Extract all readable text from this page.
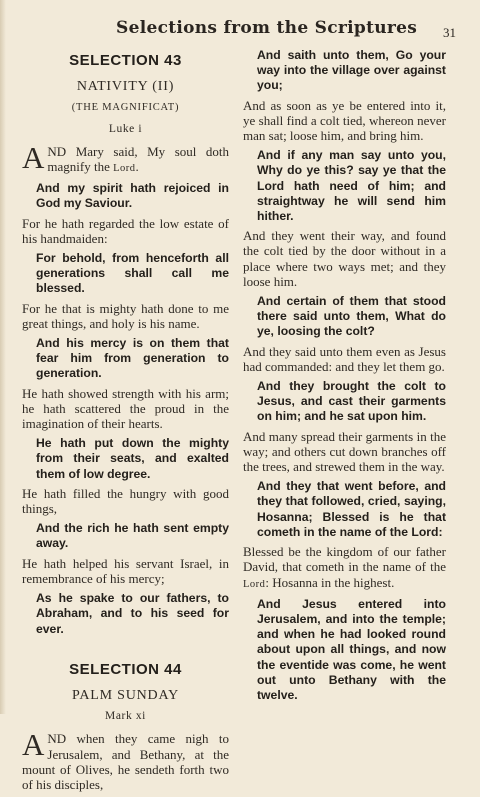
Selections from the Scriptures 31
SELECTION 43
NATIVITY (II)
(THE MAGNIFICAT)
Luke i

AND Mary said, My soul doth magnify the Lord.

And my spirit hath rejoiced in God my Saviour.

For he hath regarded the low estate of his handmaiden:

For behold, from henceforth all generations shall call me blessed.

For he that is mighty hath done to me great things, and holy is his name.

And his mercy is on them that fear him from generation to generation.

He hath showed strength with his arm; he hath scattered the proud in the imagination of their hearts.

He hath put down the mighty from their seats, and exalted them of low degree.

He hath filled the hungry with good things,

And the rich he hath sent empty away.

He hath helped his servant Israel, in remembrance of his mercy;

As he spake to our fathers, to Abraham, and to his seed for ever.

SELECTION 44
PALM SUNDAY
Mark xi

AND when they came nigh to Jerusalem, and Bethany, at the mount of Olives, he sendeth forth two of his disciples,

And saith unto them, Go your way into the village over against you;

And as soon as ye be entered into it, ye shall find a colt tied, whereon never man sat; loose him, and bring him.

And if any man say unto you, Why do ye this? say ye that the Lord hath need of him; and straightway he will send him hither.

And they went their way, and found the colt tied by the door without in a place where two ways met; and they loose him.

And certain of them that stood there said unto them, What do ye, loosing the colt?

And they said unto them even as Jesus had commanded: and they let them go.

And they brought the colt to Jesus, and cast their garments on him; and he sat upon him.

And many spread their garments in the way; and others cut down branches off the trees, and strewed them in the way.

And they that went before, and they that followed, cried, saying, Hosanna; Blessed is he that cometh in the name of the Lord:

Blessed be the kingdom of our father David, that cometh in the name of the Lord: Hosanna in the highest.

And Jesus entered into Jerusalem, and into the temple; and when he had looked round about upon all things, and now the eventide was come, he went out unto Bethany with the twelve.
